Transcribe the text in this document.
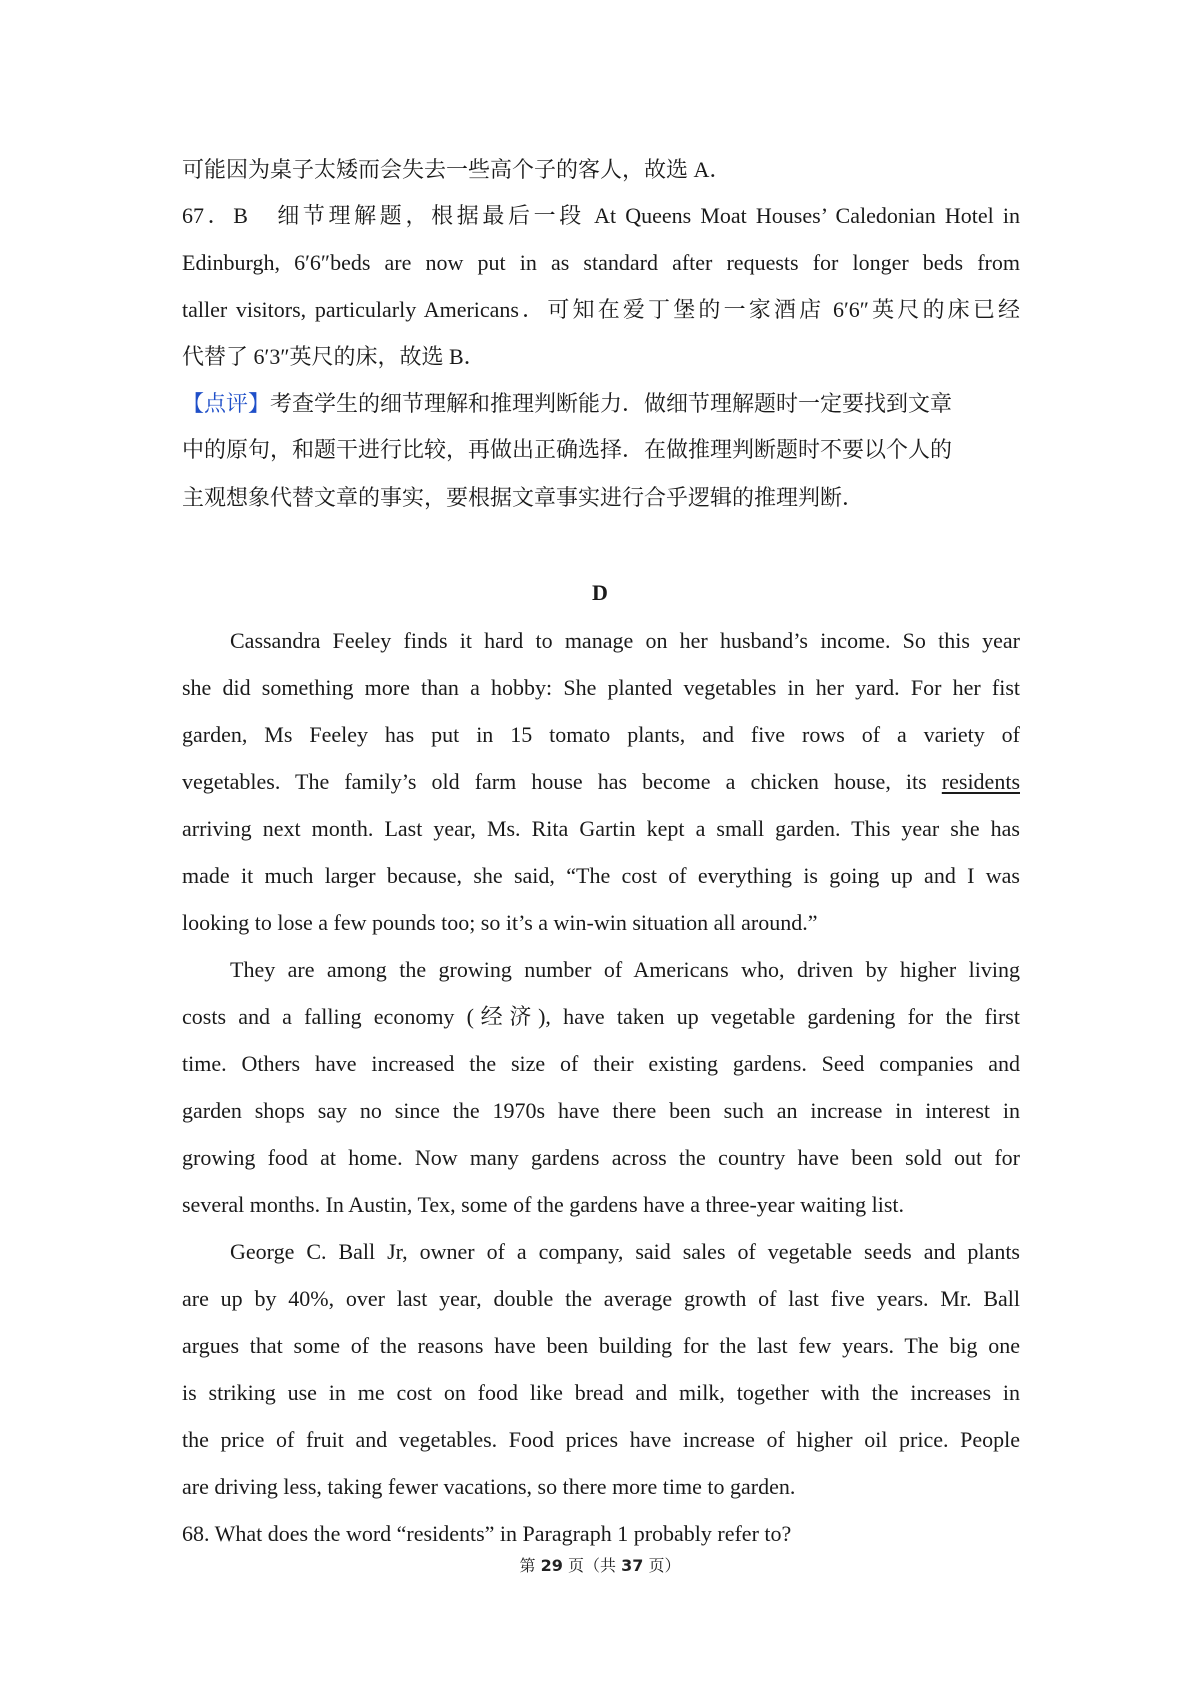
可能因为桌子太矮而会失去一些高个子的客人，故选 A．
67．B　细节理解题，根据最后一段 At Queens Moat Houses’ Caledonian Hotel in
Edinburgh, 6′6″beds are now put in as standard after requests for longer beds from
taller visitors, particularly Americans．可知在爱丁堡的一家酒店 6′6″英尺的床已经
代替了 6′3″英尺的床，故选 B．
【点评】考查学生的细节理解和推理判断能力．做细节理解题时一定要找到文章
中的原句，和题干进行比较，再做出正确选择．在做推理判断题时不要以个人的
主观想象代替文章的事实，要根据文章事实进行合乎逻辑的推理判断．
D
Cassandra Feeley finds it hard to manage on her husband’s income. So this year
she did something more than a hobby: She planted vegetables in her yard. For her fist
garden, Ms Feeley has put in 15 tomato plants, and five rows of a variety of
vegetables. The family’s old farm house has become a chicken house, its residents
arriving next month. Last year, Ms. Rita Gartin kept a small garden. This year she has
made it much larger because, she said, “The cost of everything is going up and I was
looking to lose a few pounds too; so it’s a win-win situation all around.”
They are among the growing number of Americans who, driven by higher living
costs and a falling economy (经济), have taken up vegetable gardening for the first
time. Others have increased the size of their existing gardens. Seed companies and
garden shops say no since the 1970s have there been such an increase in interest in
growing food at home. Now many gardens across the country have been sold out for
several months. In Austin, Tex, some of the gardens have a three-year waiting list.
George C. Ball Jr, owner of a company, said sales of vegetable seeds and plants
are up by 40%, over last year, double the average growth of last five years. Mr. Ball
argues that some of the reasons have been building for the last few years. The big one
is striking use in me cost on food like bread and milk, together with the increases in
the price of fruit and vegetables. Food prices have increase of higher oil price. People
are driving less, taking fewer vacations, so there more time to garden.
68. What does the word “residents” in Paragraph 1 probably refer to?
第 29 页（共 37 页）
